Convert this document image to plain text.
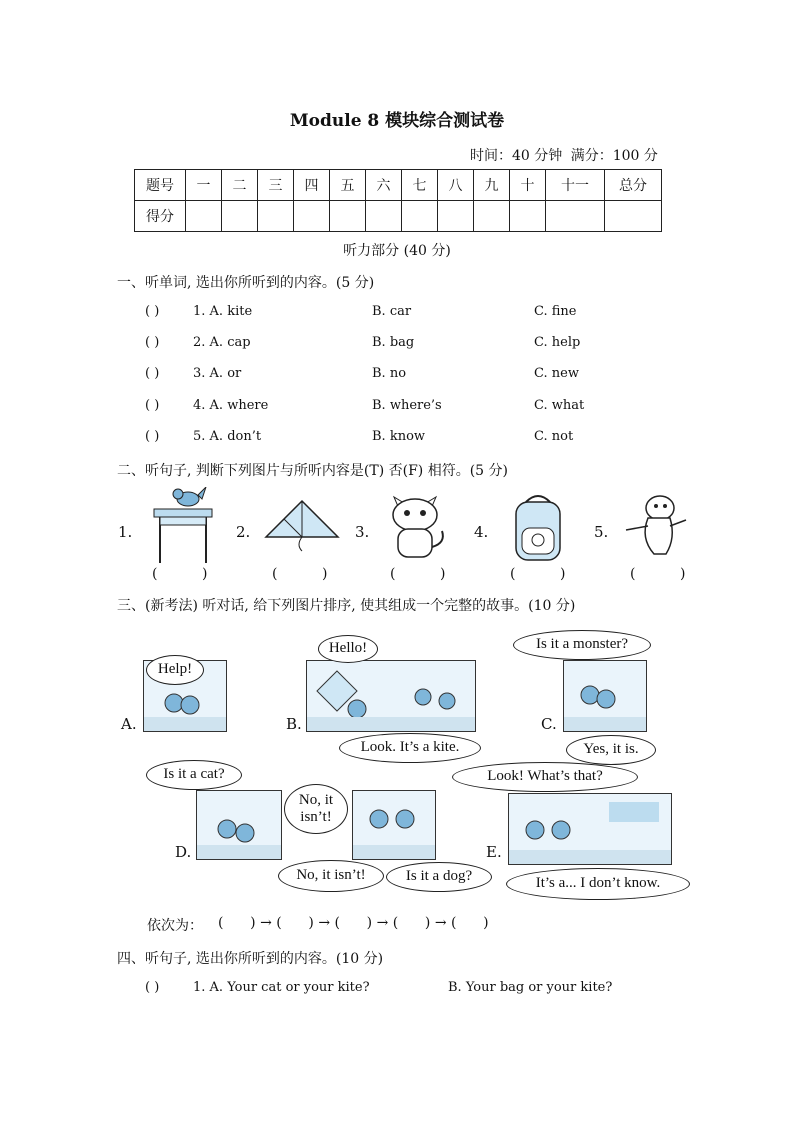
Module 8 模块综合测试卷
时间：40 分钟 满分：100 分
题号	一	二	三	四	五	六	七	八	九	十	十一	总分
得分												
听力部分 (40 分)
一、听单词, 选出你所听到的内容。(5 分)
( )	1. A. kite	B. car	C. fine
( )	2. A. cap	B. bag	C. help
( )	3. A. or	B. no	C. new
( )	4. A. where	B. where’s	C. what
( )	5. A. don’t	B. know	C. not
二、听句子, 判断下列图片与所听内容是(T) 否(F) 相符。(5 分)
1.
(          )
2.
(          )
3.
(          )
4.
(          )
5.
(          )
三、(新考法) 听对话, 给下列图片排序, 使其组成一个完整的故事。(10 分)
A.
Help!
B.
Hello!
Look. It’s a kite.
C.
Is it a monster?
Yes, it is.
D.
Is it a cat?
No, it isn’t!
No, it isn’t!	Is it a dog?
E.
Look! What’s that?
It’s a... I don’t know.
依次为： (      ) → (      ) → (      ) → (      ) → (      )
四、听句子, 选出你所听到的内容。(10 分)
( )	1. A. Your cat or your kite?	B. Your bag or your kite?
